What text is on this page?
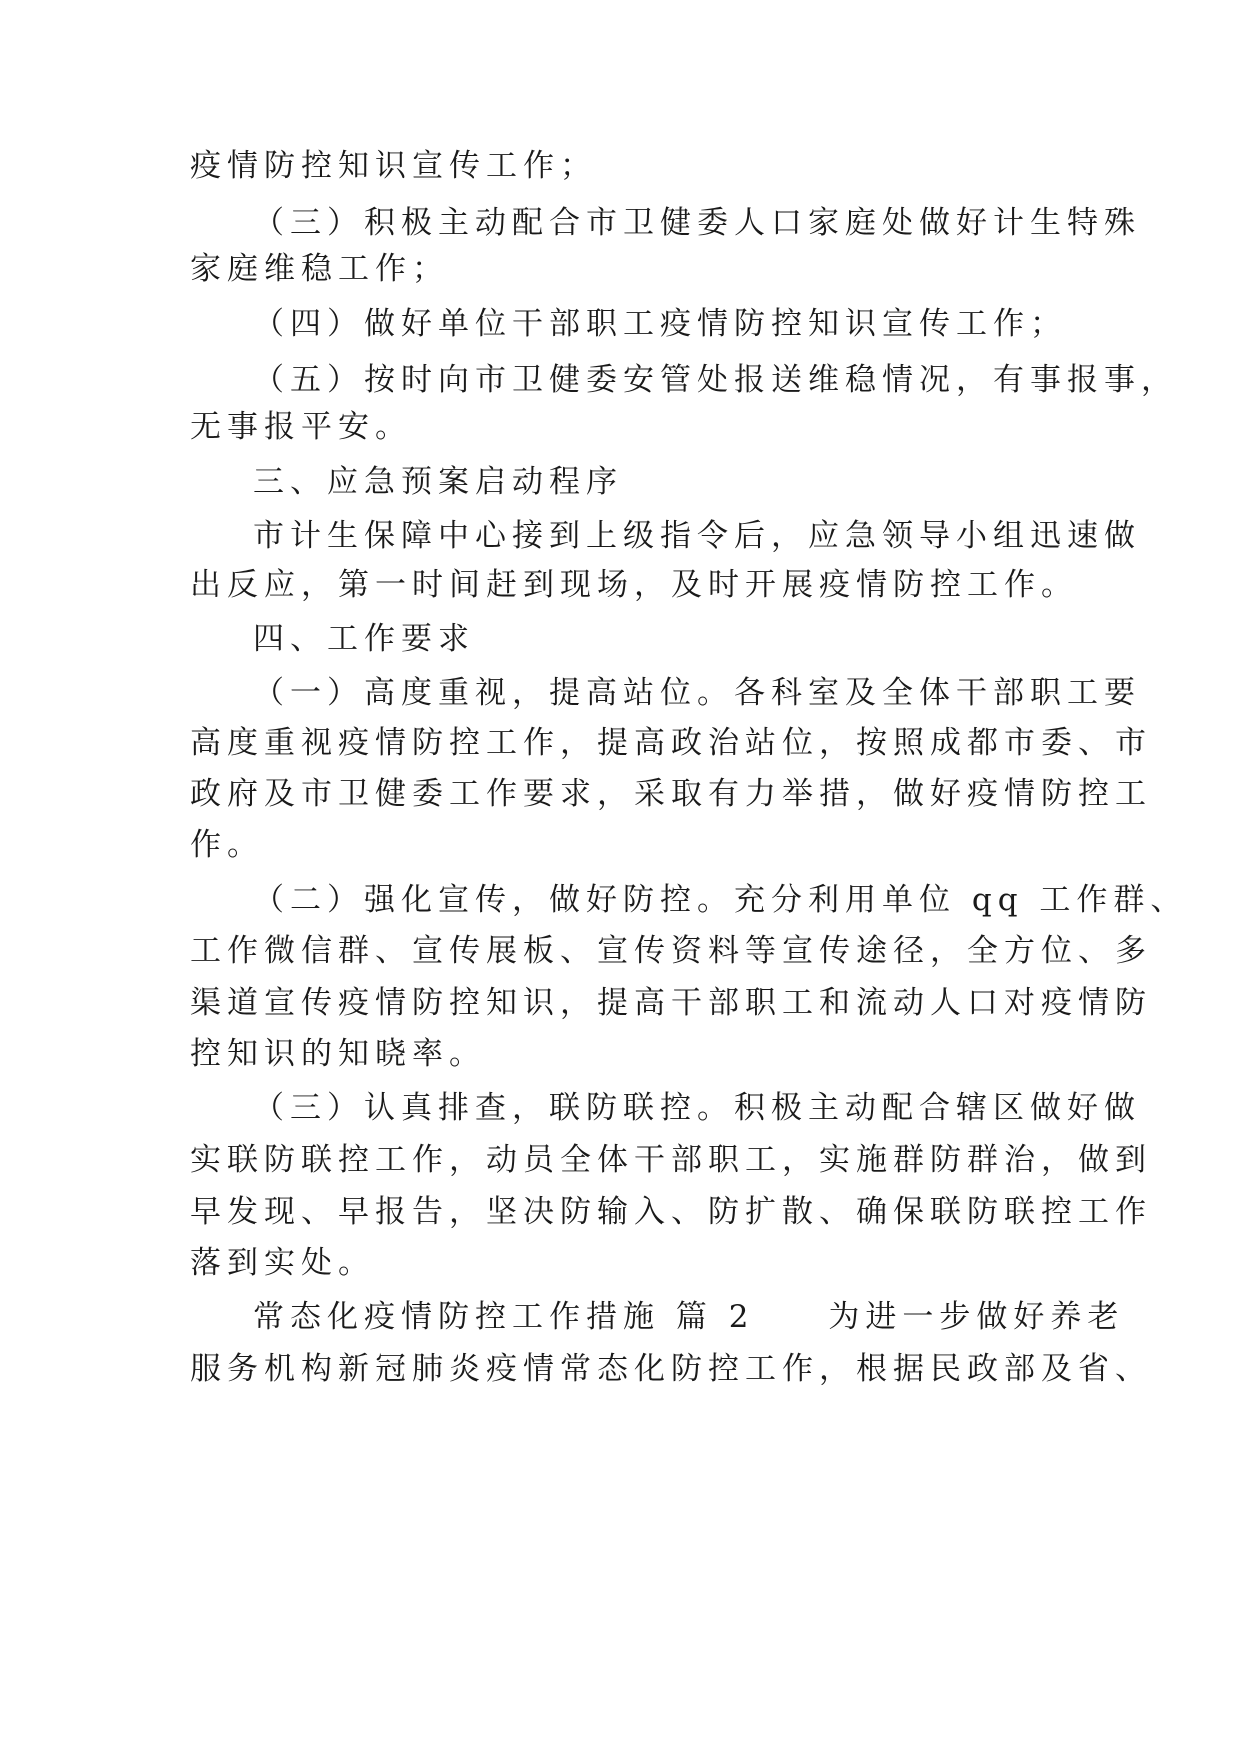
疫情防控知识宣传工作；
（三）积极主动配合市卫健委人口家庭处做好计生特殊
家庭维稳工作；
（四）做好单位干部职工疫情防控知识宣传工作；
（五）按时向市卫健委安管处报送维稳情况，有事报事，
无事报平安。
三、应急预案启动程序
市计生保障中心接到上级指令后，应急领导小组迅速做
出反应，第一时间赶到现场，及时开展疫情防控工作。
四、工作要求
（一）高度重视，提高站位。各科室及全体干部职工要
高度重视疫情防控工作，提高政治站位，按照成都市委、市
政府及市卫健委工作要求，采取有力举措，做好疫情防控工
作。
（二）强化宣传，做好防控。充分利用单位 qq 工作群、
工作微信群、宣传展板、宣传资料等宣传途径，全方位、多
渠道宣传疫情防控知识，提高干部职工和流动人口对疫情防
控知识的知晓率。
（三）认真排查，联防联控。积极主动配合辖区做好做
实联防联控工作，动员全体干部职工，实施群防群治，做到
早发现、早报告，坚决防输入、防扩散、确保联防联控工作
落到实处。
常态化疫情防控工作措施 篇 2　　为进一步做好养老
服务机构新冠肺炎疫情常态化防控工作，根据民政部及省、
